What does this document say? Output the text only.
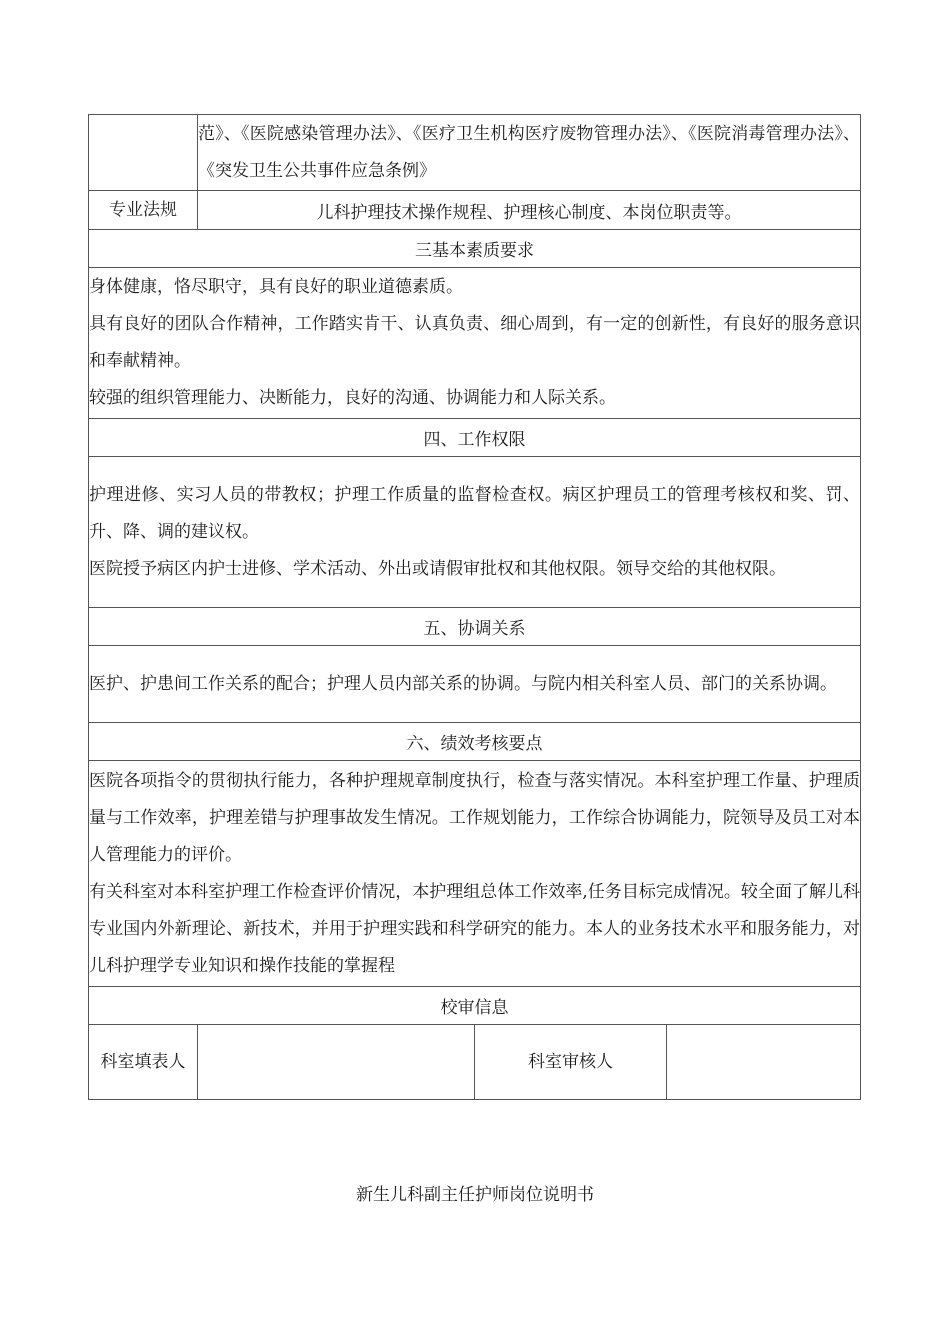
	范》、《医院感染管理办法》、《医疗卫生机构医疗废物管理办法》、《医院消毒管理办法》、《突发卫生公共事件应急条例》		
专业法规	儿科护理技术操作规程、护理核心制度、本岗位职责等。		
三基本素质要求			

身体健康，恪尽职守，具有良好的职业道德素质。

具有良好的团队合作精神，工作踏实肯干、认真负责、细心周到，有一定的创新性，有良好的服务意识和奉献精神。

较强的组织管理能力、决断能力，良好的沟通、协调能力和人际关系。			

四、工作权限			

护理进修、实习人员的带教权；护理工作质量的监督检查权。病区护理员工的管理考核权和奖、罚、升、降、调的建议权。

医院授予病区内护士进修、学术活动、外出或请假审批权和其他权限。领导交给的其他权限。			

五、协调关系			

医护、护患间工作关系的配合；护理人员内部关系的协调。与院内相关科室人员、部门的关系协调。			

六、绩效考核要点			

医院各项指令的贯彻执行能力，各种护理规章制度执行，检查与落实情况。本科室护理工作量、护理质量与工作效率，护理差错与护理事故发生情况。工作规划能力，工作综合协调能力，院领导及员工对本人管理能力的评价。

有关科室对本科室护理工作检查评价情况，本护理组总体工作效率,任务目标完成情况。较全面了解儿科专业国内外新理论、新技术，并用于护理实践和科学研究的能力。本人的业务技术水平和服务能力，对儿科护理学专业知识和操作技能的掌握程			

校审信息			
科室填表人		科室审核人	
新生儿科副主任护师岗位说明书
